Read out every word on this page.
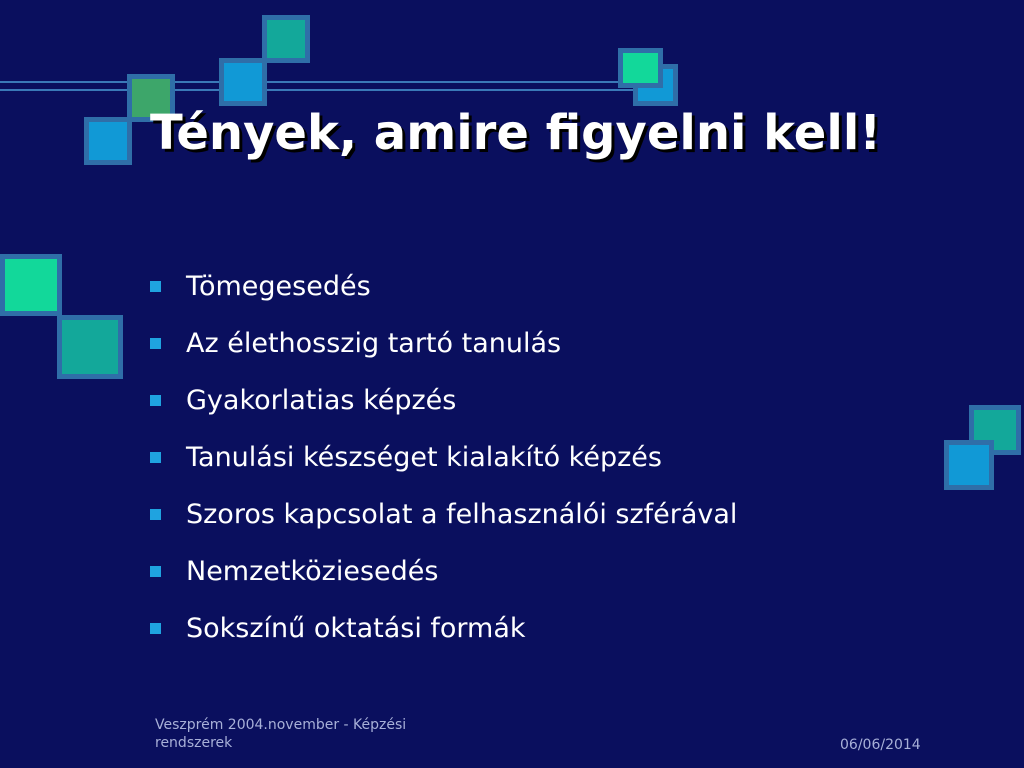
Tények, amire figyelni kell!
Tömegesedés
Az élethosszig tartó tanulás
Gyakorlatias képzés
Tanulási készséget kialakító képzés
Szoros kapcsolat a felhasználói szférával
Nemzetköziesedés
Sokszínű oktatási formák
Veszprém 2004.november - Képzési
rendszerek	06/06/2014
